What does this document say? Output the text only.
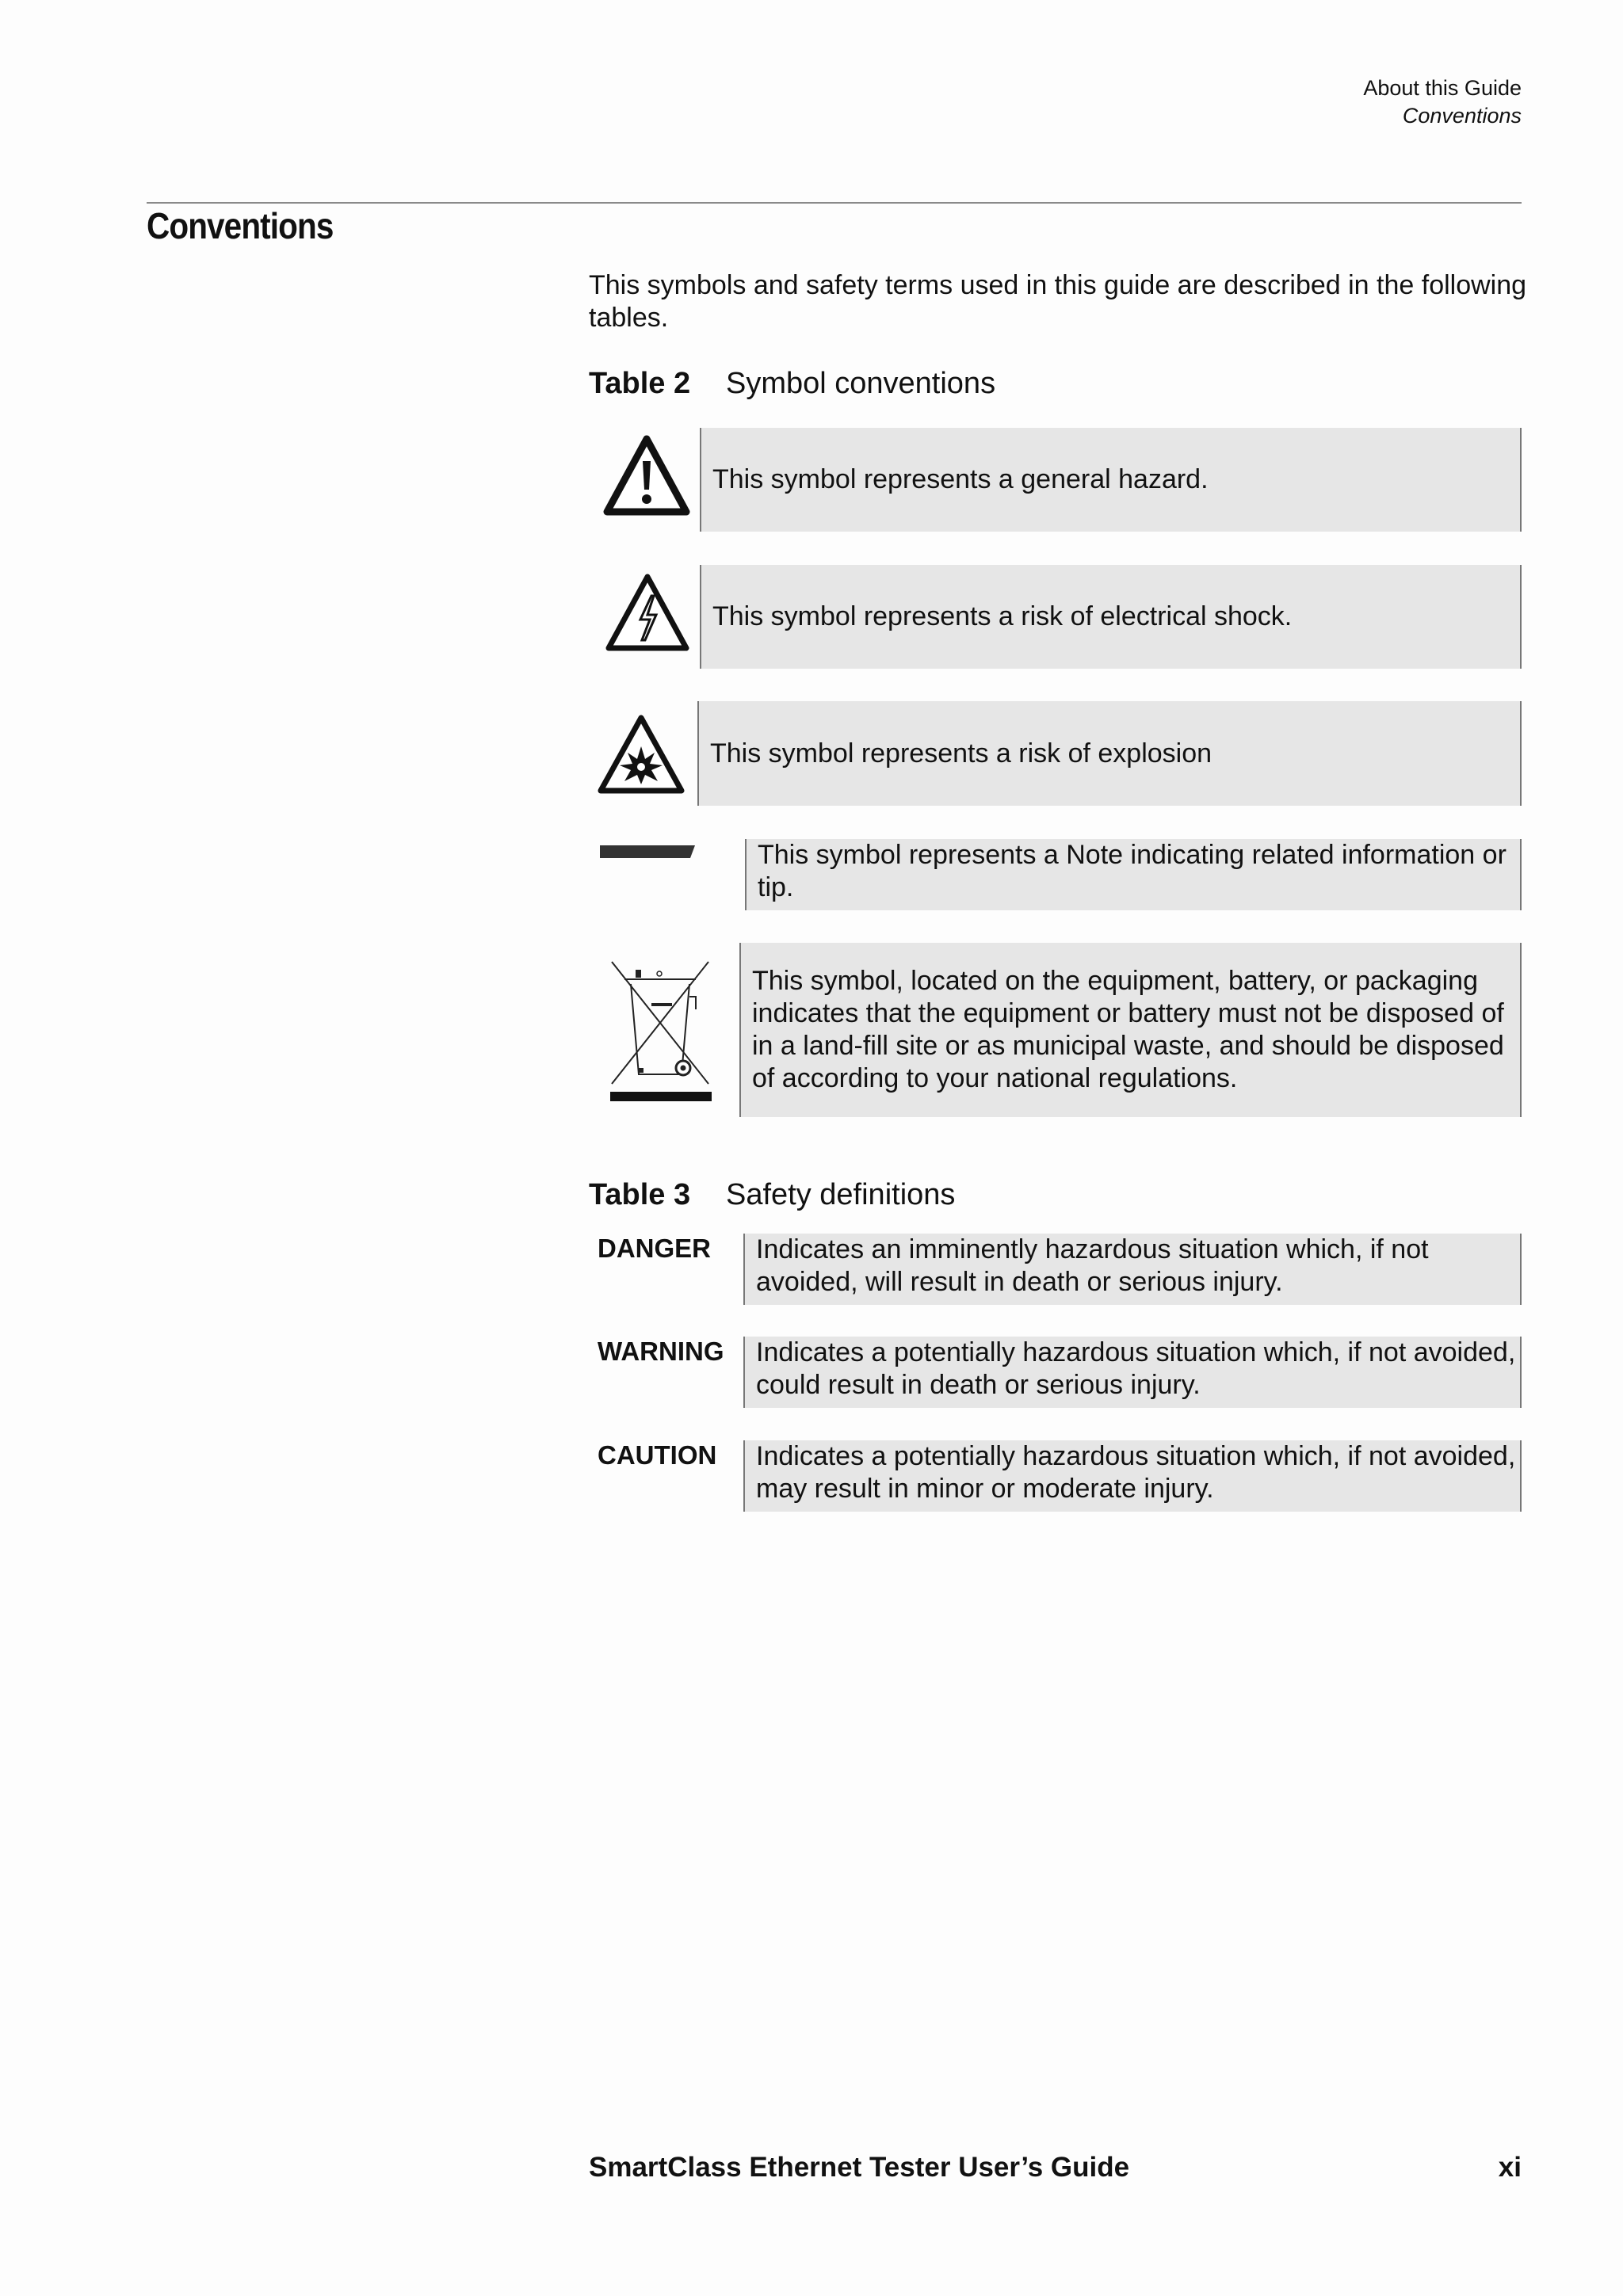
About this Guide
Conventions
Conventions
This symbols and safety terms used in this guide are described in the following tables.
Table 2 Symbol conventions
This symbol represents a general hazard.
This symbol represents a risk of electrical shock.
This symbol represents a risk of explosion
This symbol represents a Note indicating related information or tip.
This symbol, located on the equipment, battery, or packaging indicates that the equipment or battery must not be disposed of in a land-fill site or as municipal waste, and should be disposed of according to your national regulations.
Table 3 Safety definitions
DANGER	Indicates an imminently hazardous situation which, if not avoided, will result in death or serious injury.
WARNING	Indicates a potentially hazardous situation which, if not avoided, could result in death or serious injury.
CAUTION	Indicates a potentially hazardous situation which, if not avoided, may result in minor or moderate injury.
SmartClass Ethernet Tester User’s Guide	xi
